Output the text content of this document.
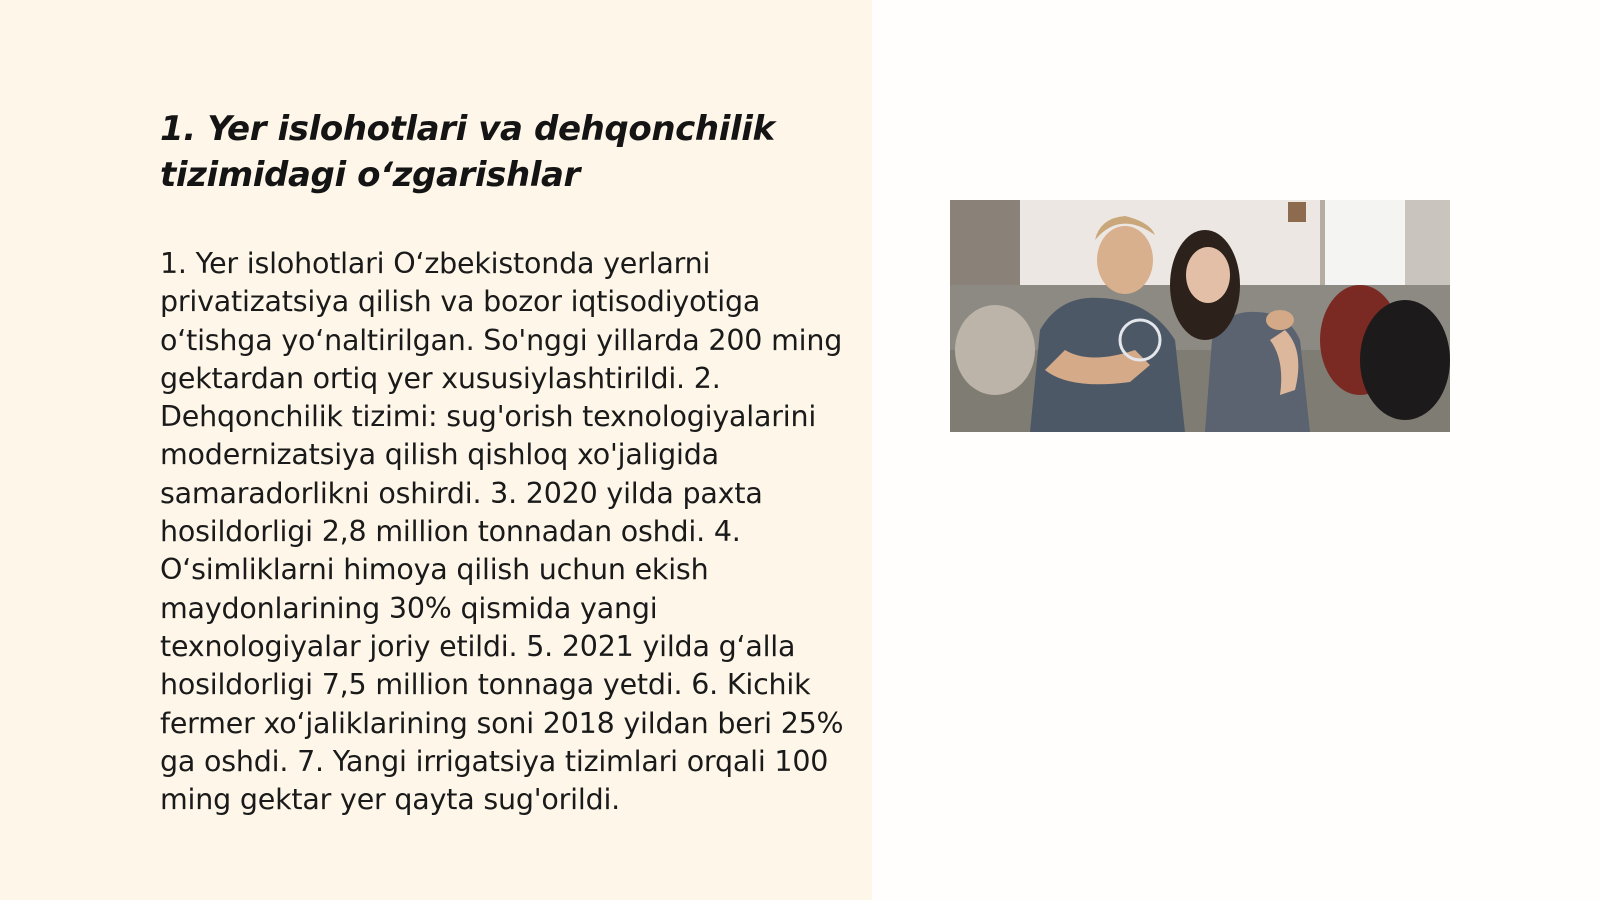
1. Yer islohotlari va dehqonchilik tizimidagi o‘zgarishlar

1. Yer islohotlari O‘zbekistonda yerlarni privatizatsiya qilish va bozor iqtisodiyotiga o‘tishga yo‘naltirilgan. So'nggi yillarda 200 ming gektardan ortiq yer xususiylashtirildi. 2. Dehqonchilik tizimi: sug'orish texnologiyalarini modernizatsiya qilish qishloq xo'jaligida samaradorlikni oshirdi. 3. 2020 yilda paxta hosildorligi 2,8 million tonnadan oshdi. 4. O‘simliklarni himoya qilish uchun ekish maydonlarining 30% qismida yangi texnologiyalar joriy etildi. 5. 2021 yilda g‘alla hosildorligi 7,5 million tonnaga yetdi. 6. Kichik fermer xo‘jaliklarining soni 2018 yildan beri 25% ga oshdi. 7. Yangi irrigatsiya tizimlari orqali 100 ming gektar yer qayta sug'orildi.
